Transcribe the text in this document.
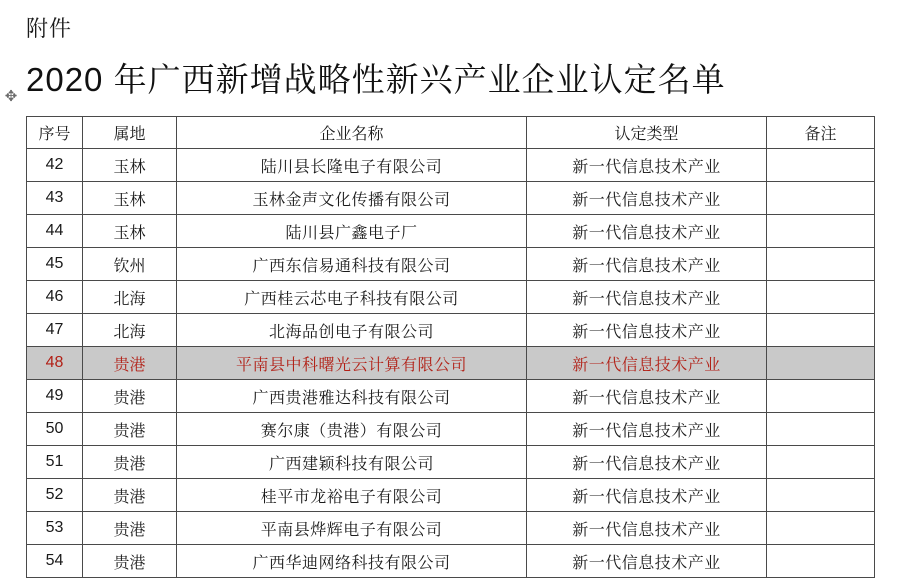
附件
2020 年广西新增战略性新兴产业企业认定名单
✥
序号	属地	企业名称	认定类型	备注
42	玉林	陆川县长隆电子有限公司	新一代信息技术产业	
43	玉林	玉林金声文化传播有限公司	新一代信息技术产业	
44	玉林	陆川县广鑫电子厂	新一代信息技术产业	
45	钦州	广西东信易通科技有限公司	新一代信息技术产业	
46	北海	广西桂云芯电子科技有限公司	新一代信息技术产业	
47	北海	北海品创电子有限公司	新一代信息技术产业	
48	贵港	平南县中科曙光云计算有限公司	新一代信息技术产业	
49	贵港	广西贵港雅达科技有限公司	新一代信息技术产业	
50	贵港	赛尔康（贵港）有限公司	新一代信息技术产业	
51	贵港	广西建颖科技有限公司	新一代信息技术产业	
52	贵港	桂平市龙裕电子有限公司	新一代信息技术产业	
53	贵港	平南县烨辉电子有限公司	新一代信息技术产业	
54	贵港	广西华迪网络科技有限公司	新一代信息技术产业	
